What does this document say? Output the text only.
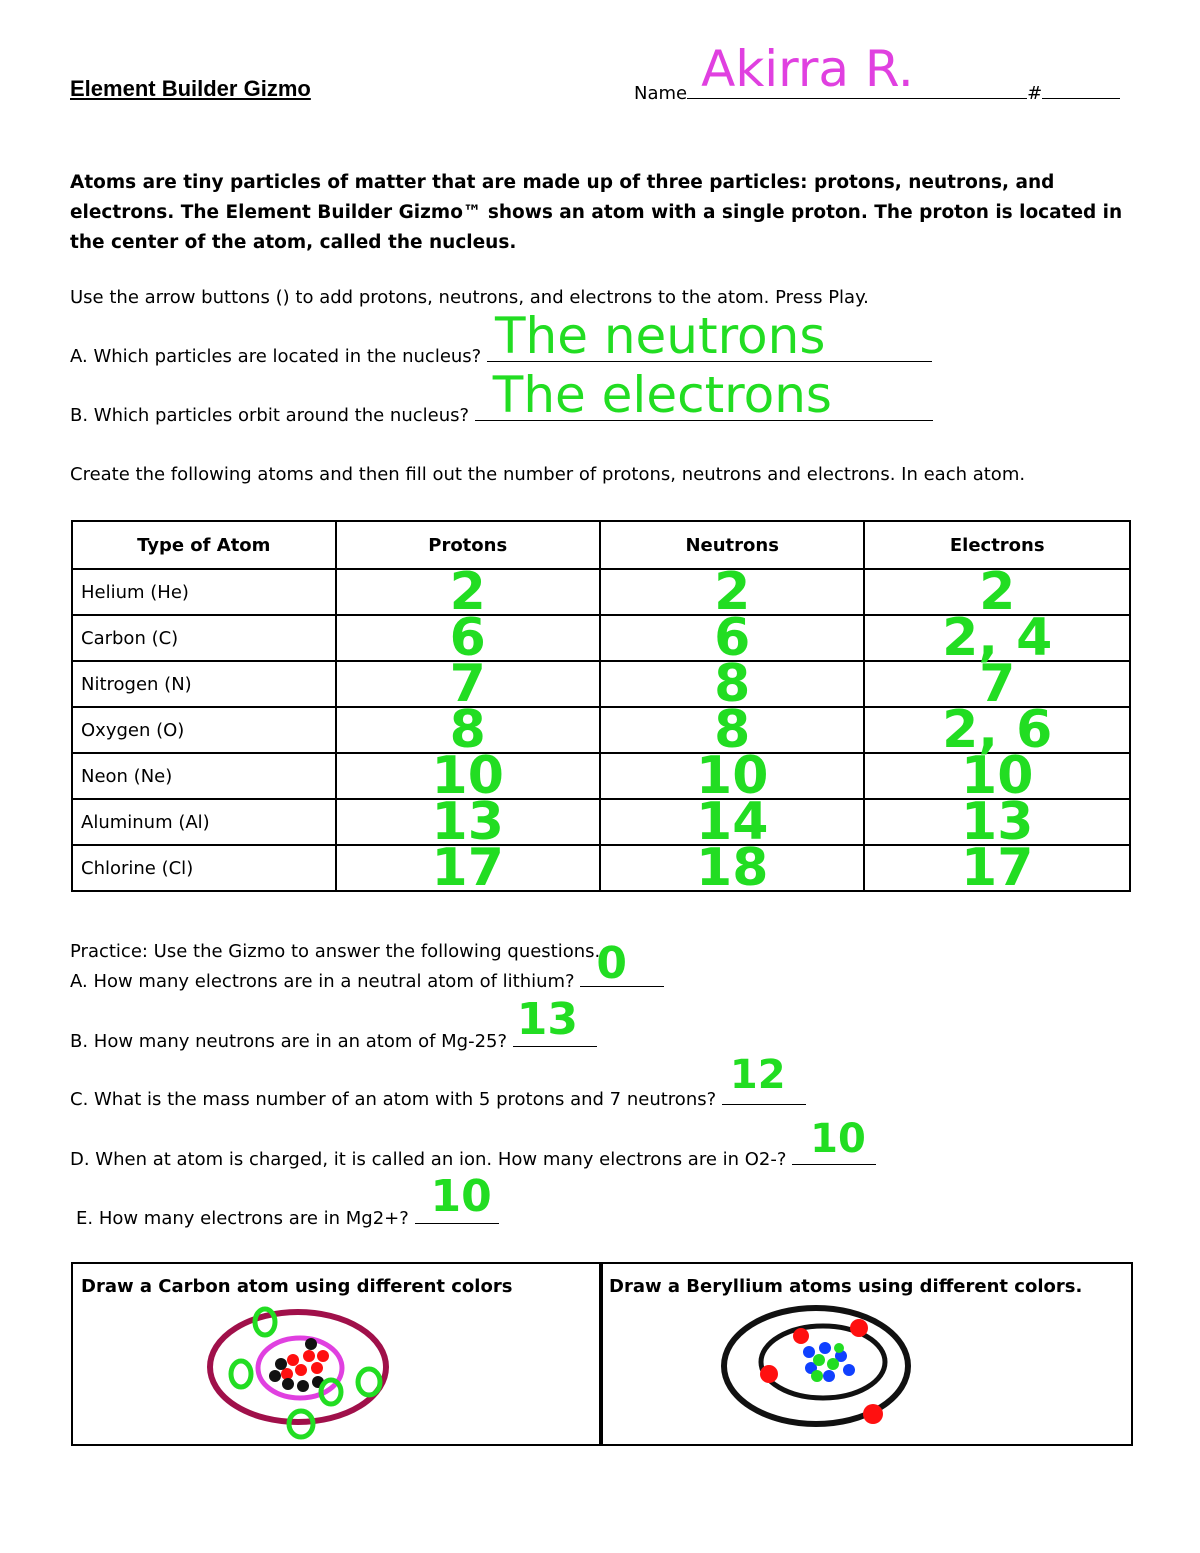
Element Builder Gizmo	Name Akirra R.	#
Atoms are tiny particles of matter that are made up of three particles: protons, neutrons, and electrons. The Element Builder Gizmo™ shows an atom with a single proton. The proton is located in the center of the atom, called the nucleus.
Use the arrow buttons () to add protons, neutrons, and electrons to the atom. Press Play.
A. Which particles are located in the nucleus? The neutrons
B. Which particles orbit around the nucleus? The electrons
Create the following atoms and then fill out the number of protons, neutrons and electrons. In each atom.
Type of Atom	Protons	Neutrons	Electrons
Helium (He)	2	2	2
Carbon (C)	6	6	2, 4
Nitrogen (N)	7	8	7
Oxygen (O)	8	8	2, 6
Neon (Ne)	10	10	10
Aluminum (Al)	13	14	13
Chlorine (Cl)	17	18	17
Practice: Use the Gizmo to answer the following questions.
A. How many electrons are in a neutral atom of lithium? 0
B. How many neutrons are in an atom of Mg-25? 13
C. What is the mass number of an atom with 5 protons and 7 neutrons?
12
D. When at atom is charged, it is called an ion. How many electrons are in O2-? 10
E. How many electrons are in Mg2+? 10
Draw a Carbon atom using different colors	Draw a Beryllium atoms using different colors.
